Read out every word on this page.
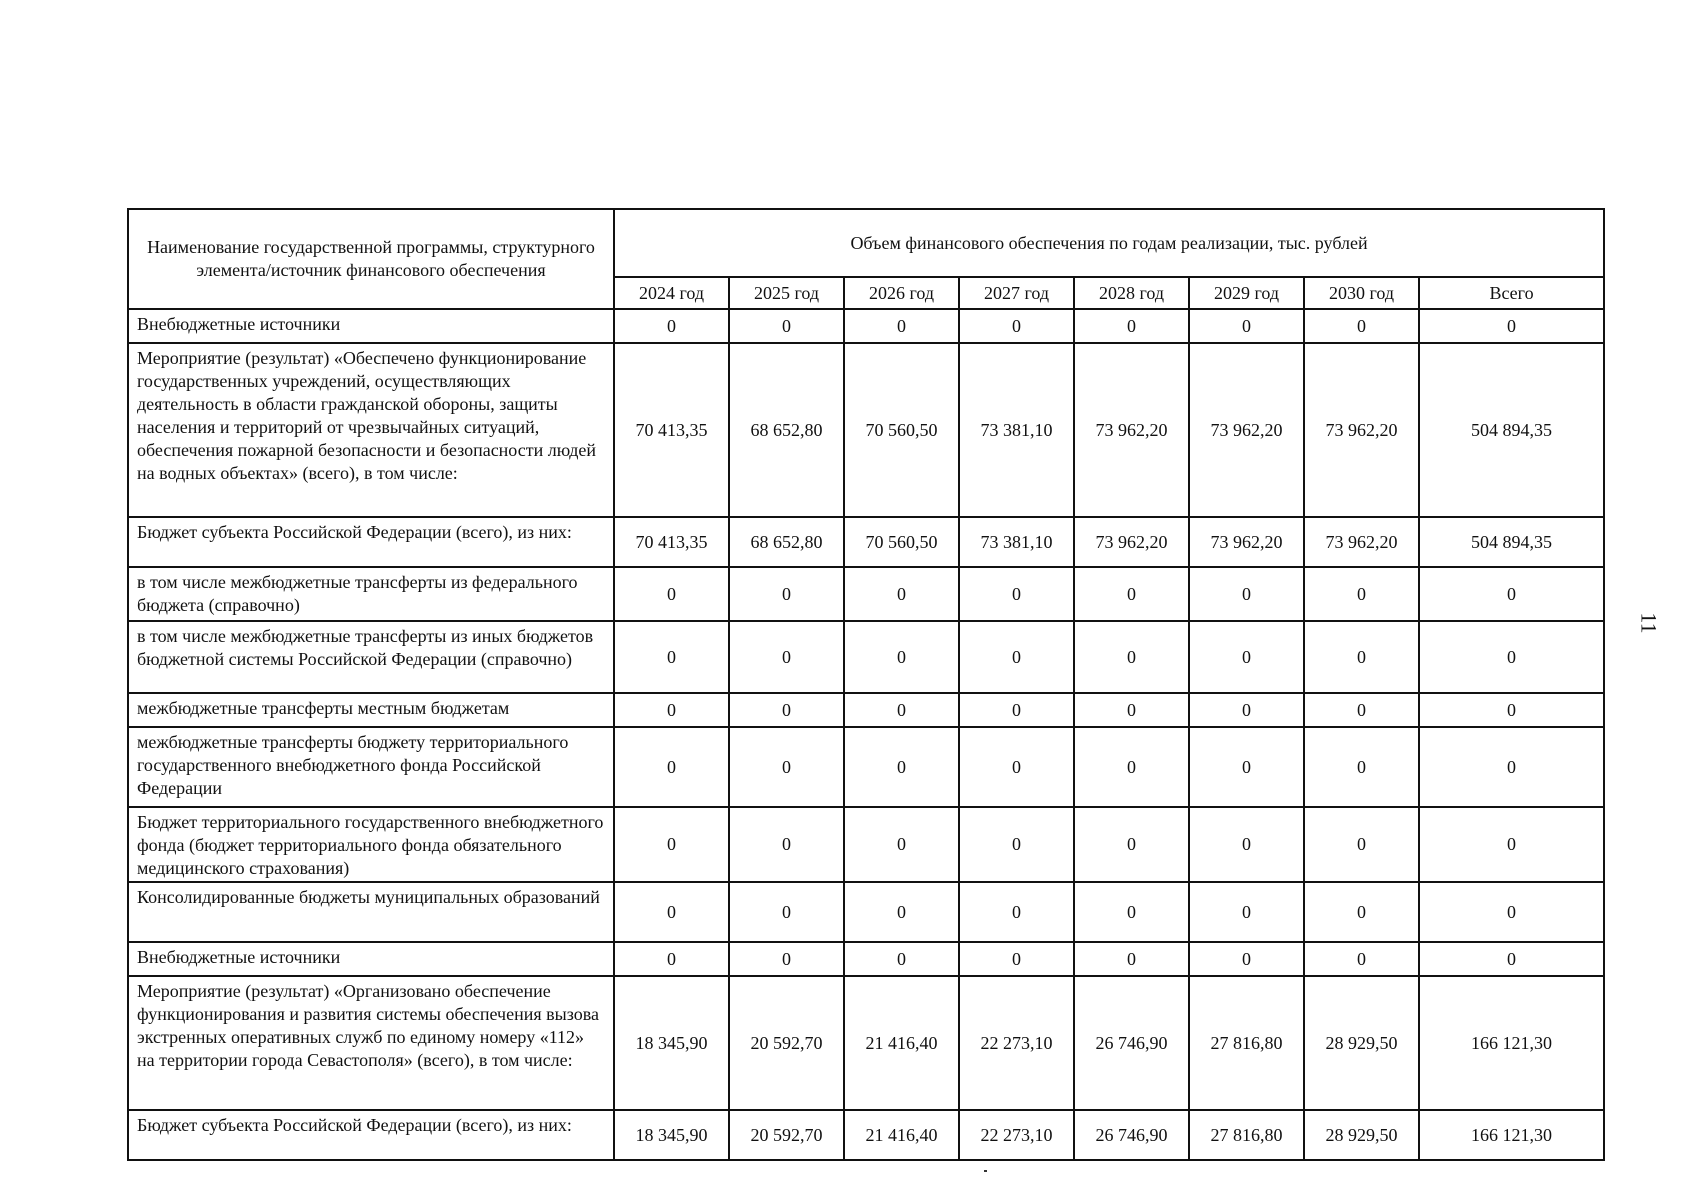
11
Наименование государственной программы, структурного элемента/источник финансового обеспечения	Объем финансового обеспечения по годам реализации, тыс. рублей							
	2024 год	2025 год	2026 год	2027 год	2028 год	2029 год	2030 год	Всего
Внебюджетные источники	0	0	0	0	0	0	0	0
Мероприятие (результат) «Обеспечено функционирование государственных учреждений, осуществляющих деятельность в области гражданской обороны, защиты населения и территорий от чрезвычайных ситуаций, обеспечения пожарной безопасности и безопасности людей на водных объектах» (всего), в том числе:	70 413,35	68 652,80	70 560,50	73 381,10	73 962,20	73 962,20	73 962,20	504 894,35
Бюджет субъекта Российской Федерации (всего), из них:	70 413,35	68 652,80	70 560,50	73 381,10	73 962,20	73 962,20	73 962,20	504 894,35
в том числе межбюджетные трансферты из федерального бюджета (справочно)	0	0	0	0	0	0	0	0
в том числе межбюджетные трансферты из иных бюджетов бюджетной системы Российской Федерации (справочно)	0	0	0	0	0	0	0	0
межбюджетные трансферты местным бюджетам	0	0	0	0	0	0	0	0
межбюджетные трансферты бюджету территориального государственного внебюджетного фонда Российской Федерации	0	0	0	0	0	0	0	0
Бюджет территориального государственного внебюджетного фонда (бюджет территориального фонда обязательного медицинского страхования)	0	0	0	0	0	0	0	0
Консолидированные бюджеты муниципальных образований	0	0	0	0	0	0	0	0
Внебюджетные источники	0	0	0	0	0	0	0	0
Мероприятие (результат) «Организовано обеспечение функционирования и развития системы обеспечения вызова экстренных оперативных служб по единому номеру «112» на территории города Севастополя» (всего), в том числе:	18 345,90	20 592,70	21 416,40	22 273,10	26 746,90	27 816,80	28 929,50	166 121,30
Бюджет субъекта Российской Федерации (всего), из них:	18 345,90	20 592,70	21 416,40	22 273,10	26 746,90	27 816,80	28 929,50	166 121,30
